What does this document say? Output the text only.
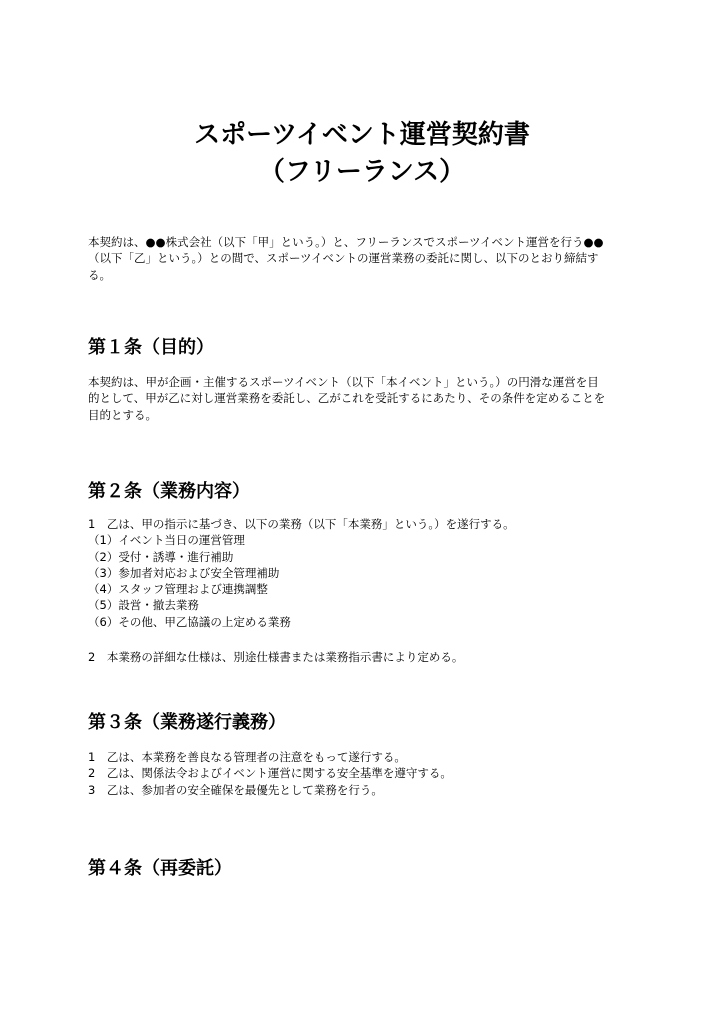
スポーツイベント運営契約書
（フリーランス）
本契約は、●●株式会社（以下「甲」という。）と、フリーランスでスポーツイベント運営を行う●●
（以下「乙」という。）との間で、スポーツイベントの運営業務の委託に関し、以下のとおり締結す
る。
第１条（目的）
本契約は、甲が企画・主催するスポーツイベント（以下「本イベント」という。）の円滑な運営を目
的として、甲が乙に対し運営業務を委託し、乙がこれを受託するにあたり、その条件を定めることを
目的とする。
第２条（業務内容）
1　乙は、甲の指示に基づき、以下の業務（以下「本業務」という。）を遂行する。
（1）イベント当日の運営管理
（2）受付・誘導・進行補助
（3）参加者対応および安全管理補助
（4）スタッフ管理および連携調整
（5）設営・撤去業務
（6）その他、甲乙協議の上定める業務
2　本業務の詳細な仕様は、別途仕様書または業務指示書により定める。
第３条（業務遂行義務）
1　乙は、本業務を善良なる管理者の注意をもって遂行する。
2　乙は、関係法令およびイベント運営に関する安全基準を遵守する。
3　乙は、参加者の安全確保を最優先として業務を行う。
第４条（再委託）
